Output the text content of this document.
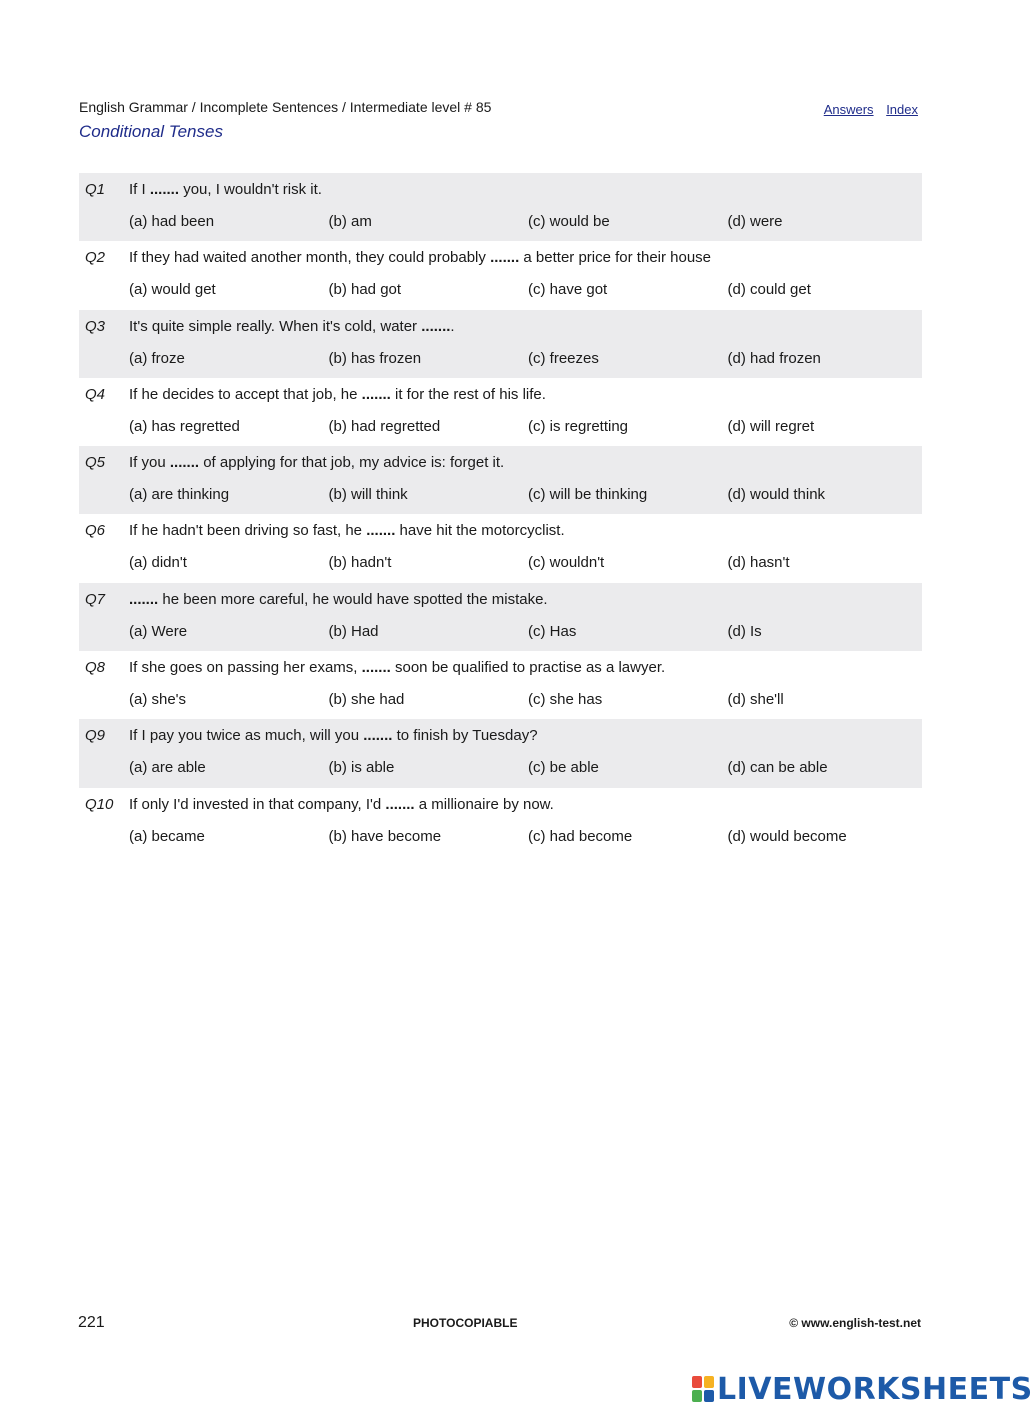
English Grammar / Incomplete Sentences / Intermediate level # 85
Conditional Tenses
Answers Index
Q1 If I ....... you, I wouldn't risk it.
(a) had been	(b) am	(c) would be	(d) were
Q2 If they had waited another month, they could probably ....... a better price for their house
(a) would get	(b) had got	(c) have got	(d) could get
Q3 It's quite simple really. When it's cold, water ........
(a) froze	(b) has frozen	(c) freezes	(d) had frozen
Q4 If he decides to accept that job, he ....... it for the rest of his life.
(a) has regretted	(b) had regretted	(c) is regretting	(d) will regret
Q5 If you ....... of applying for that job, my advice is: forget it.
(a) are thinking	(b) will think	(c) will be thinking	(d) would think
Q6 If he hadn't been driving so fast, he ....... have hit the motorcyclist.
(a) didn't	(b) hadn't	(c) wouldn't	(d) hasn't
Q7 ....... he been more careful, he would have spotted the mistake.
(a) Were	(b) Had	(c) Has	(d) Is
Q8 If she goes on passing her exams, ....... soon be qualified to practise as a lawyer.
(a) she's	(b) she had	(c) she has	(d) she'll
Q9 If I pay you twice as much, will you ....... to finish by Tuesday?
(a) are able	(b) is able	(c) be able	(d) can be able
Q10 If only I'd invested in that company, I'd ....... a millionaire by now.
(a) became	(b) have become	(c) had become	(d) would become
221	PHOTOCOPIABLE	© www.english-test.net
LIVEWORKSHEETS
